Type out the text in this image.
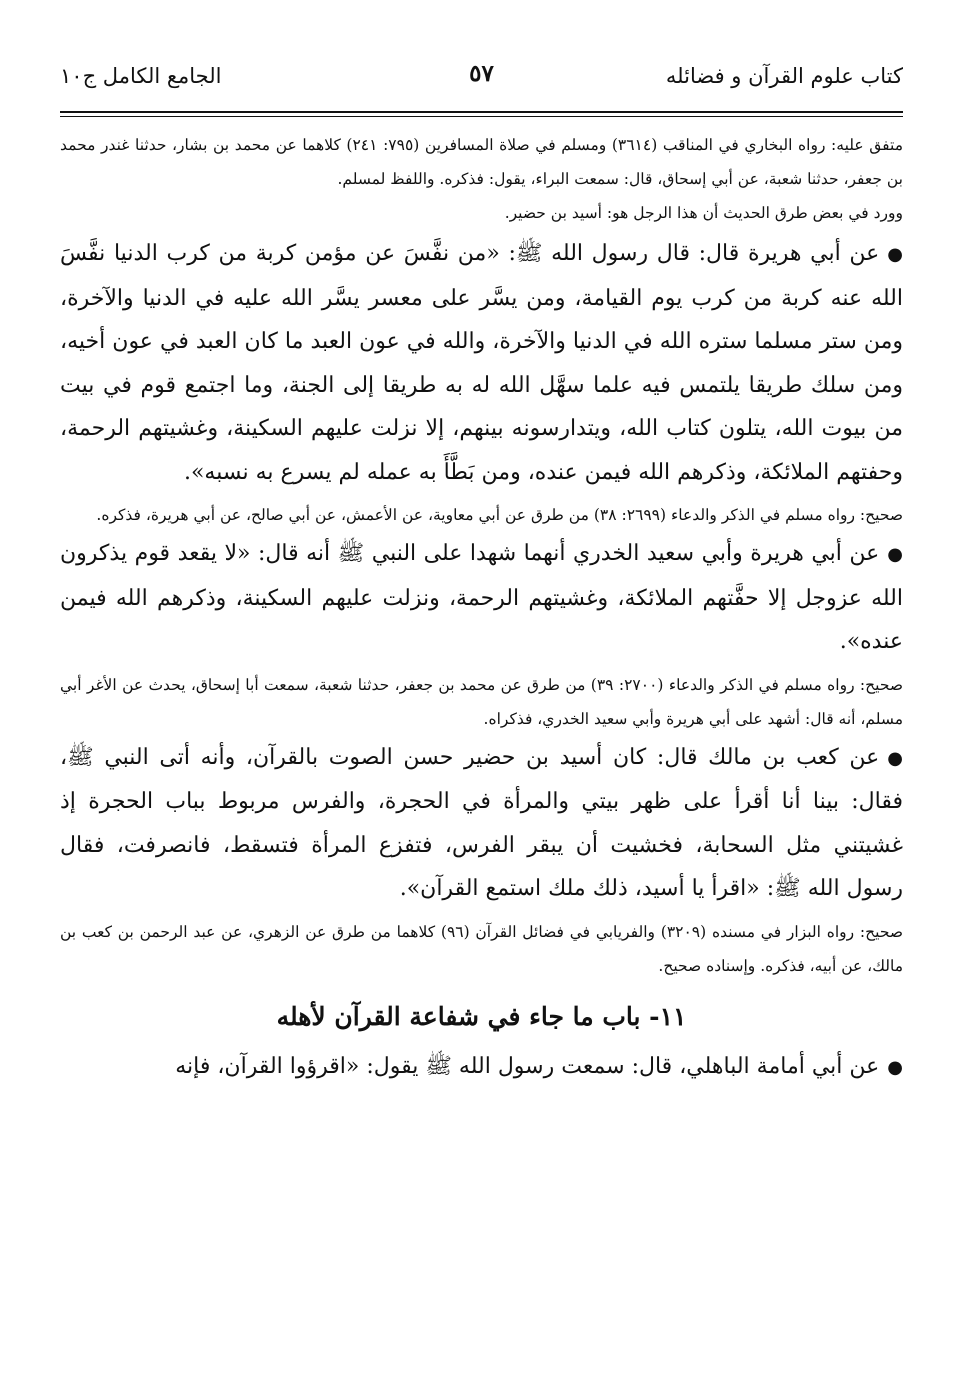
كتاب علوم القرآن و فضائله
٥٧
الجامع الكامل ج١٠

متفق عليه: رواه البخاري في المناقب (٣٦١٤) ومسلم في صلاة المسافرين (٧٩٥: ٢٤١) كلاهما عن محمد بن بشار، حدثنا غندر محمد بن جعفر، حدثنا شعبة، عن أبي إسحاق، قال: سمعت البراء، يقول: فذكره. واللفظ لمسلم.

وورد في بعض طرق الحديث أن هذا الرجل هو: أسيد بن حضير.

●عن أبي هريرة قال: قال رسول الله ﷺ: «من نفَّسَ عن مؤمن كربة من كرب الدنيا نفَّسَ الله عنه كربة من كرب يوم القيامة، ومن يسَّر على معسر يسَّر الله عليه في الدنيا والآخرة، ومن ستر مسلما ستره الله في الدنيا والآخرة، والله في عون العبد ما كان العبد في عون أخيه، ومن سلك طريقا يلتمس فيه علما سهَّل الله له به طريقا إلى الجنة، وما اجتمع قوم في بيت من بيوت الله، يتلون كتاب الله، ويتدارسونه بينهم، إلا نزلت عليهم السكينة، وغشيتهم الرحمة، وحفتهم الملائكة، وذكرهم الله فيمن عنده، ومن بَطَّأَ به عمله لم يسرع به نسبه».

صحيح: رواه مسلم في الذكر والدعاء (٢٦٩٩: ٣٨) من طرق عن أبي معاوية، عن الأعمش، عن أبي صالح، عن أبي هريرة، فذكره.

●عن أبي هريرة وأبي سعيد الخدري أنهما شهدا على النبي ﷺ أنه قال: «لا يقعد قوم يذكرون الله عزوجل إلا حفَّتهم الملائكة، وغشيتهم الرحمة، ونزلت عليهم السكينة، وذكرهم الله فيمن عنده».

صحيح: رواه مسلم في الذكر والدعاء (٢٧٠٠: ٣٩) من طرق عن محمد بن جعفر، حدثنا شعبة، سمعت أبا إسحاق، يحدث عن الأغر أبي مسلم، أنه قال: أشهد على أبي هريرة وأبي سعيد الخدري، فذكراه.

●عن كعب بن مالك قال: كان أسيد بن حضير حسن الصوت بالقرآن، وأنه أتى النبي ﷺ، فقال: بينا أنا أقرأ على ظهر بيتي والمرأة في الحجرة، والفرس مربوط بباب الحجرة إذ غشيتني مثل السحابة، فخشيت أن يبقر الفرس، فتفزع المرأة فتسقط، فانصرفت، فقال رسول الله ﷺ: «اقرأ يا أسيد، ذلك ملك استمع القرآن».

صحيح: رواه البزار في مسنده (٣٢٠٩) والفريابي في فضائل القرآن (٩٦) كلاهما من طرق عن الزهري، عن عبد الرحمن بن كعب بن مالك، عن أبيه، فذكره. وإسناده صحيح.

١١- باب ما جاء في شفاعة القرآن لأهله

●عن أبي أمامة الباهلي، قال: سمعت رسول الله ﷺ يقول: «اقرؤوا القرآن، فإنه
